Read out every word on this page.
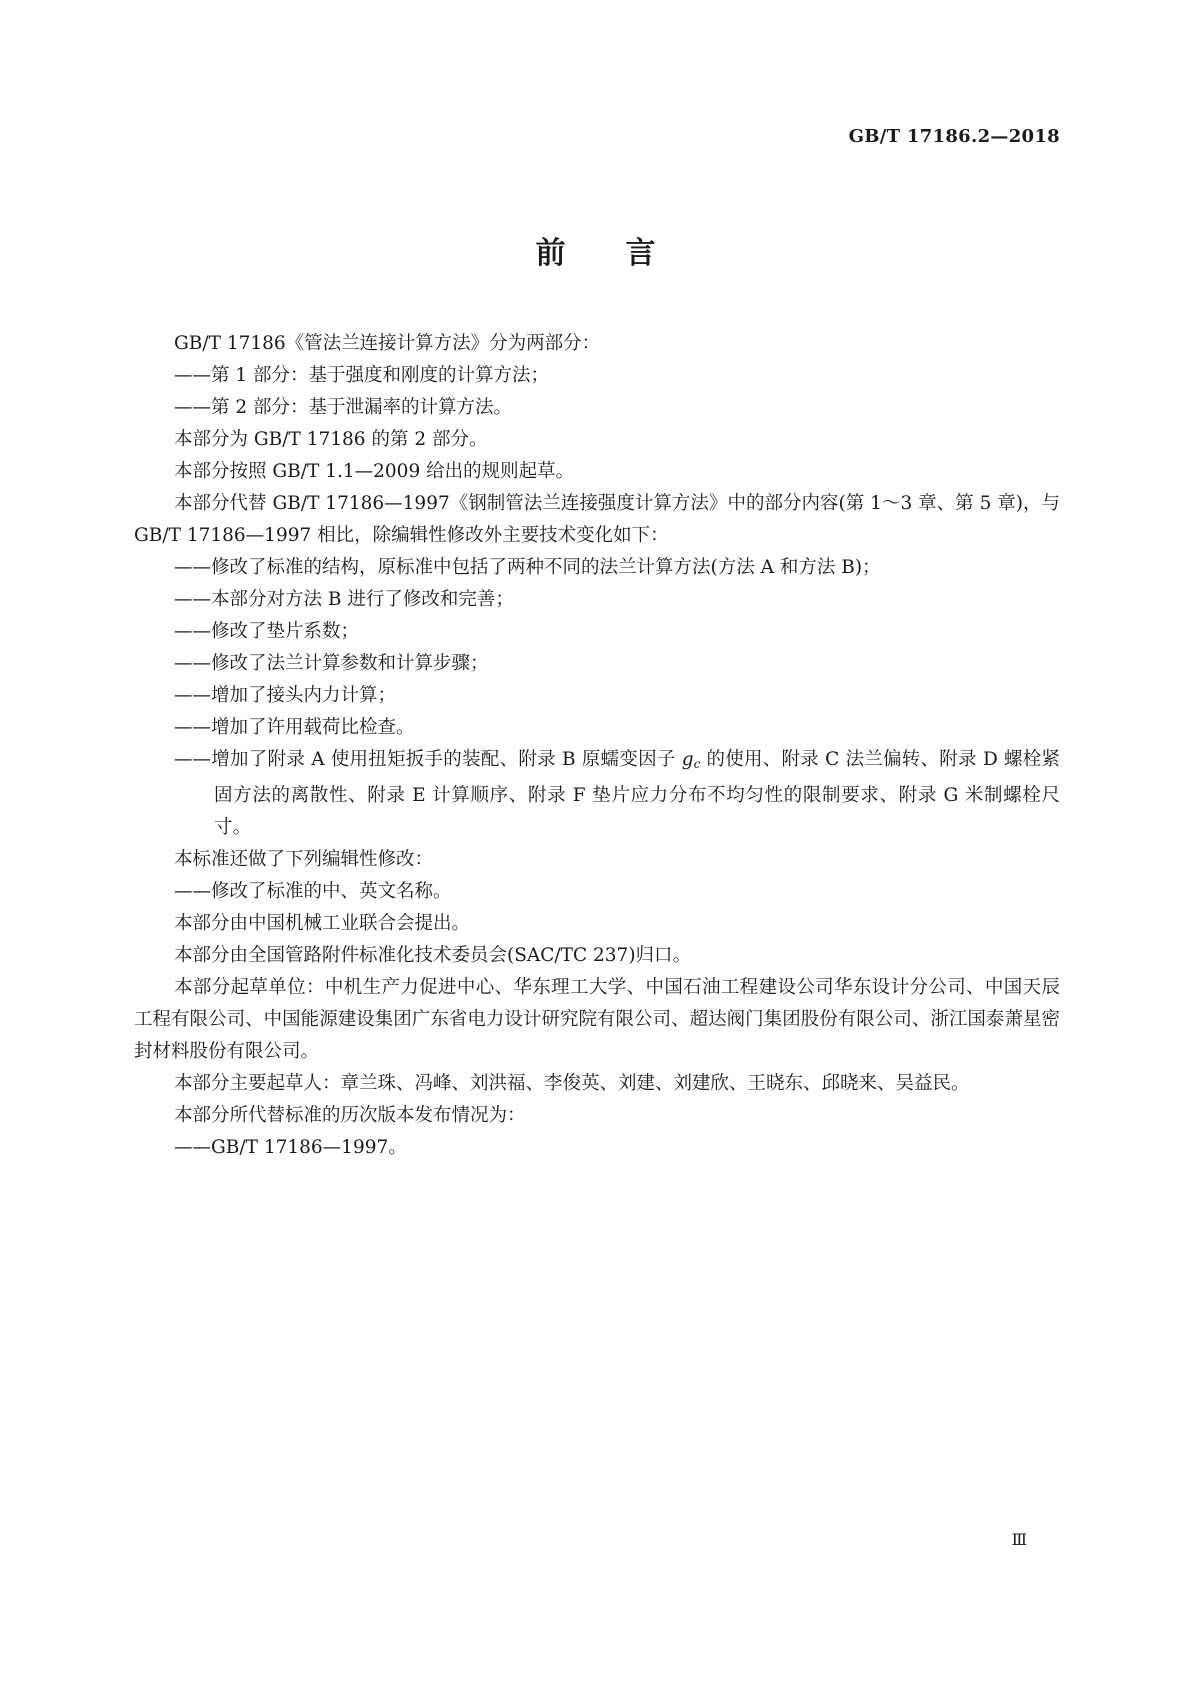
GB/T 17186.2—2018
前言

GB/T 17186《管法兰连接计算方法》分为两部分：

——第 1 部分：基于强度和刚度的计算方法；

——第 2 部分：基于泄漏率的计算方法。

本部分为 GB/T 17186 的第 2 部分。

本部分按照 GB/T 1.1—2009 给出的规则起草。

本部分代替 GB/T 17186—1997《钢制管法兰连接强度计算方法》中的部分内容(第 1～3 章、第 5 章)，与 GB/T 17186—1997 相比，除编辑性修改外主要技术变化如下：

——修改了标准的结构，原标准中包括了两种不同的法兰计算方法(方法 A 和方法 B)；

——本部分对方法 B 进行了修改和完善；

——修改了垫片系数；

——修改了法兰计算参数和计算步骤；

——增加了接头内力计算；

——增加了许用载荷比检查。

——增加了附录 A 使用扭矩扳手的装配、附录 B 原蠕变因子 gc 的使用、附录 C 法兰偏转、附录 D 螺栓紧固方法的离散性、附录 E 计算顺序、附录 F 垫片应力分布不均匀性的限制要求、附录 G 米制螺栓尺寸。

本标准还做了下列编辑性修改：

——修改了标准的中、英文名称。

本部分由中国机械工业联合会提出。

本部分由全国管路附件标准化技术委员会(SAC/TC 237)归口。

本部分起草单位：中机生产力促进中心、华东理工大学、中国石油工程建设公司华东设计分公司、中国天辰工程有限公司、中国能源建设集团广东省电力设计研究院有限公司、超达阀门集团股份有限公司、浙江国泰萧星密封材料股份有限公司。

本部分主要起草人：章兰珠、冯峰、刘洪福、李俊英、刘建、刘建欣、王晓东、邱晓来、吴益民。

本部分所代替标准的历次版本发布情况为：

——GB/T 17186—1997。

Ⅲ
